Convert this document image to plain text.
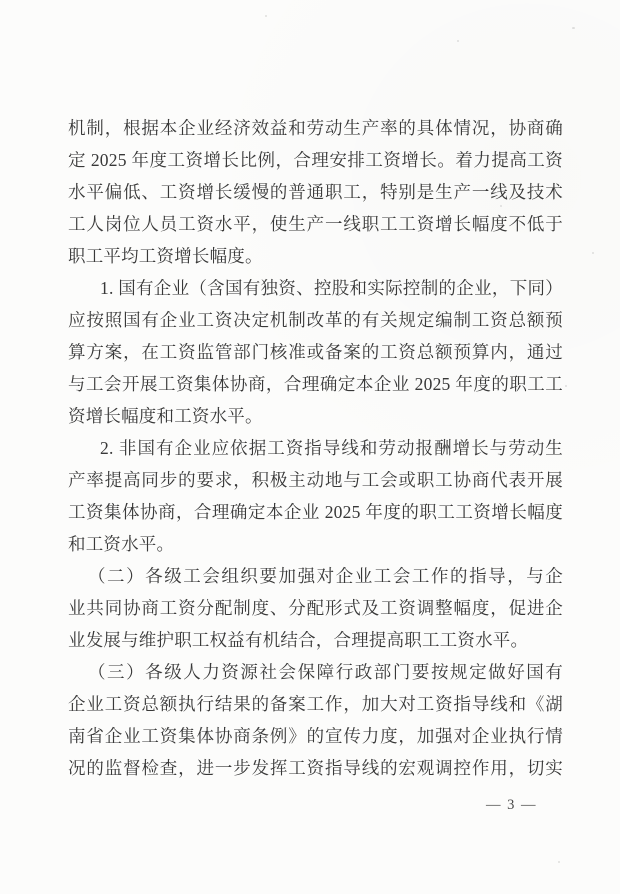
机制，根据本企业经济效益和劳动生产率的具体情况，协商确
定 2025 年度工资增长比例，合理安排工资增长。着力提高工资
水平偏低、工资增长缓慢的普通职工，特别是生产一线及技术
工人岗位人员工资水平，使生产一线职工工资增长幅度不低于
职工平均工资增长幅度。
1. 国有企业（含国有独资、控股和实际控制的企业，下同）
应按照国有企业工资决定机制改革的有关规定编制工资总额预
算方案，在工资监管部门核准或备案的工资总额预算内，通过
与工会开展工资集体协商，合理确定本企业 2025 年度的职工工
资增长幅度和工资水平。
2. 非国有企业应依据工资指导线和劳动报酬增长与劳动生
产率提高同步的要求，积极主动地与工会或职工协商代表开展
工资集体协商，合理确定本企业 2025 年度的职工工资增长幅度
和工资水平。
（二）各级工会组织要加强对企业工会工作的指导，与企
业共同协商工资分配制度、分配形式及工资调整幅度，促进企
业发展与维护职工权益有机结合，合理提高职工工资水平。
（三）各级人力资源社会保障行政部门要按规定做好国有
企业工资总额执行结果的备案工作，加大对工资指导线和《湖
南省企业工资集体协商条例》的宣传力度，加强对企业执行情
况的监督检查，进一步发挥工资指导线的宏观调控作用，切实
— 3 —
